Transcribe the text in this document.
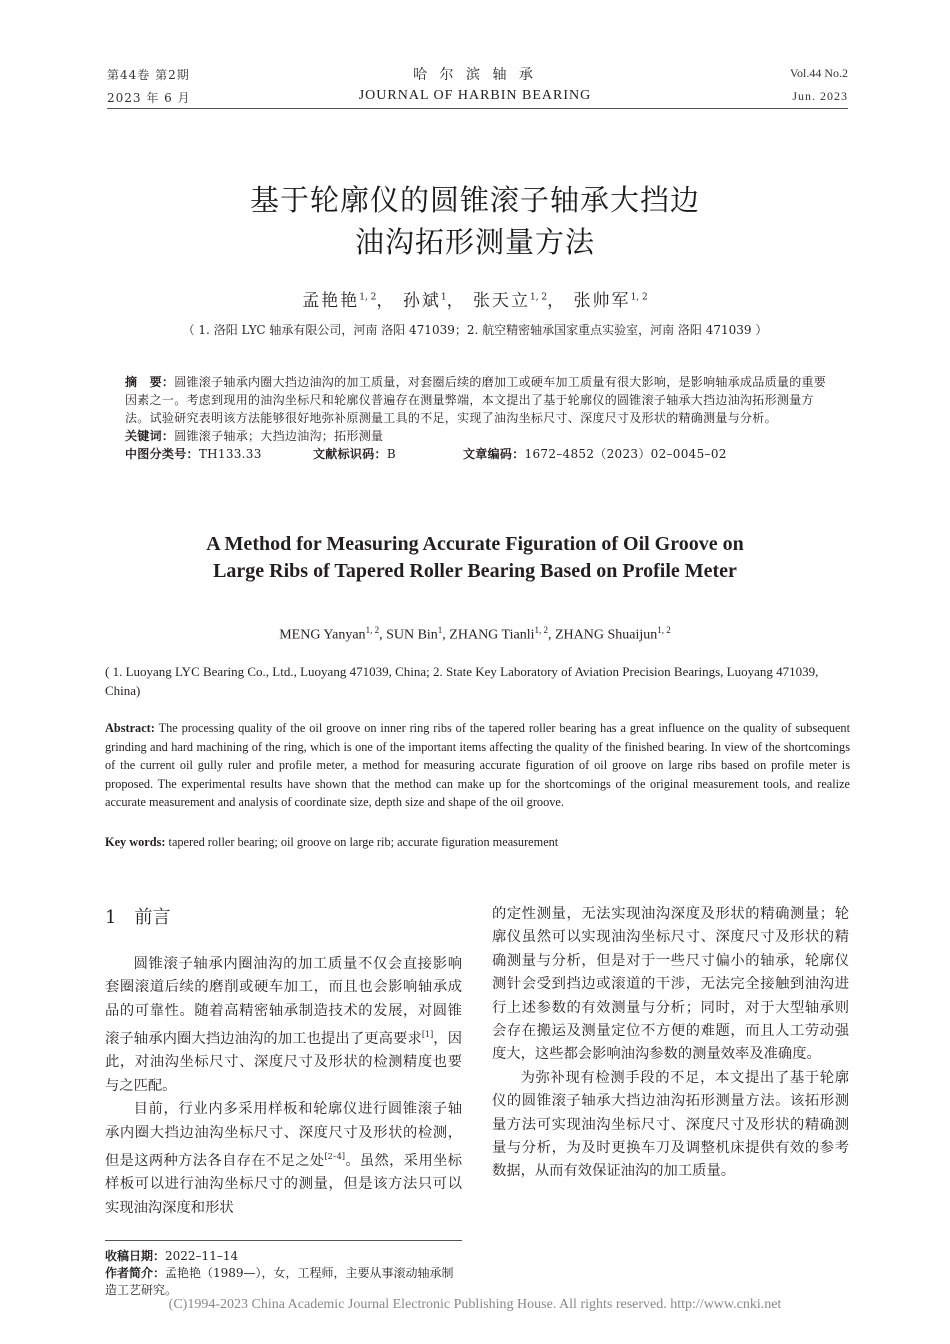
第44卷 第2期
2023 年 6 月
哈 尔 滨 轴 承
JOURNAL OF HARBIN BEARING
Vol.44 No.2
Jun. 2023
基于轮廓仪的圆锥滚子轴承大挡边
油沟拓形测量方法
孟艳艳$^{1, 2}$， 孙斌$^1$， 张天立$^{1, 2}$， 张帅军$^{1, 2}$
（ 1. 洛阳 LYC 轴承有限公司，河南 洛阳 471039；2. 航空精密轴承国家重点实验室，河南 洛阳 471039 ）
摘　要：圆锥滚子轴承内圈大挡边油沟的加工质量，对套圈后续的磨加工或硬车加工质量有很大影响，是影响轴承成品质量的重要因素之一。考虑到现用的油沟坐标尺和轮廓仪普遍存在测量弊端，本文提出了基于轮廓仪的圆锥滚子轴承大挡边油沟拓形测量方法。试验研究表明该方法能够很好地弥补原测量工具的不足，实现了油沟坐标尺寸、深度尺寸及形状的精确测量与分析。
关键词：圆锥滚子轴承；大挡边油沟；拓形测量
中图分类号：TH133.33	文献标识码：B	文章编码：1672–4852（2023）02–0045–02
A Method for Measuring Accurate Figuration of Oil Groove on
Large Ribs of Tapered Roller Bearing Based on Profile Meter
MENG Yanyan$^{1, 2}$, SUN Bin$^1$, ZHANG Tianli$^{1, 2}$, ZHANG Shuaijun$^{1, 2}$
( 1. Luoyang LYC Bearing Co., Ltd., Luoyang 471039, China; 2. State Key Laboratory of Aviation Precision Bearings, Luoyang 471039, China)
Abstract: The processing quality of the oil groove on inner ring ribs of the tapered roller bearing has a great influence on the quality of subsequent grinding and hard machining of the ring, which is one of the important items affecting the quality of the finished bearing. In view of the shortcomings of the current oil gully ruler and profile meter, a method for measuring accurate figuration of oil groove on large ribs based on profile meter is proposed. The experimental results have shown that the method can make up for the shortcomings of the original measurement tools, and realize accurate measurement and analysis of coordinate size, depth size and shape of the oil groove.
Key words: tapered roller bearing; oil groove on large rib; accurate figuration measurement
1　前言

圆锥滚子轴承内圈油沟的加工质量不仅会直接影响套圈滚道后续的磨削或硬车加工，而且也会影响轴承成品的可靠性。随着高精密轴承制造技术的发展，对圆锥滚子轴承内圈大挡边油沟的加工也提出了更高要求[1]，因此，对油沟坐标尺寸、深度尺寸及形状的检测精度也要与之匹配。

目前，行业内多采用样板和轮廓仪进行圆锥滚子轴承内圈大挡边油沟坐标尺寸、深度尺寸及形状的检测，但是这两种方法各自存在不足之处[2–4]。虽然，采用坐标样板可以进行油沟坐标尺寸的测量，但是该方法只可以实现油沟深度和形状

的定性测量，无法实现油沟深度及形状的精确测量；轮廓仪虽然可以实现油沟坐标尺寸、深度尺寸及形状的精确测量与分析，但是对于一些尺寸偏小的轴承，轮廓仪测针会受到挡边或滚道的干涉，无法完全接触到油沟进行上述参数的有效测量与分析；同时，对于大型轴承则会存在搬运及测量定位不方便的难题，而且人工劳动强度大，这些都会影响油沟参数的测量效率及准确度。

为弥补现有检测手段的不足，本文提出了基于轮廓仪的圆锥滚子轴承大挡边油沟拓形测量方法。该拓形测量方法可实现油沟坐标尺寸、深度尺寸及形状的精确测量与分析，为及时更换车刀及调整机床提供有效的参考数据，从而有效保证油沟的加工质量。

收稿日期：2022–11–14
作者简介：孟艳艳（1989—），女，工程师，主要从事滚动轴承制造工艺研究。
(C)1994-2023 China Academic Journal Electronic Publishing House. All rights reserved. http://www.cnki.net
